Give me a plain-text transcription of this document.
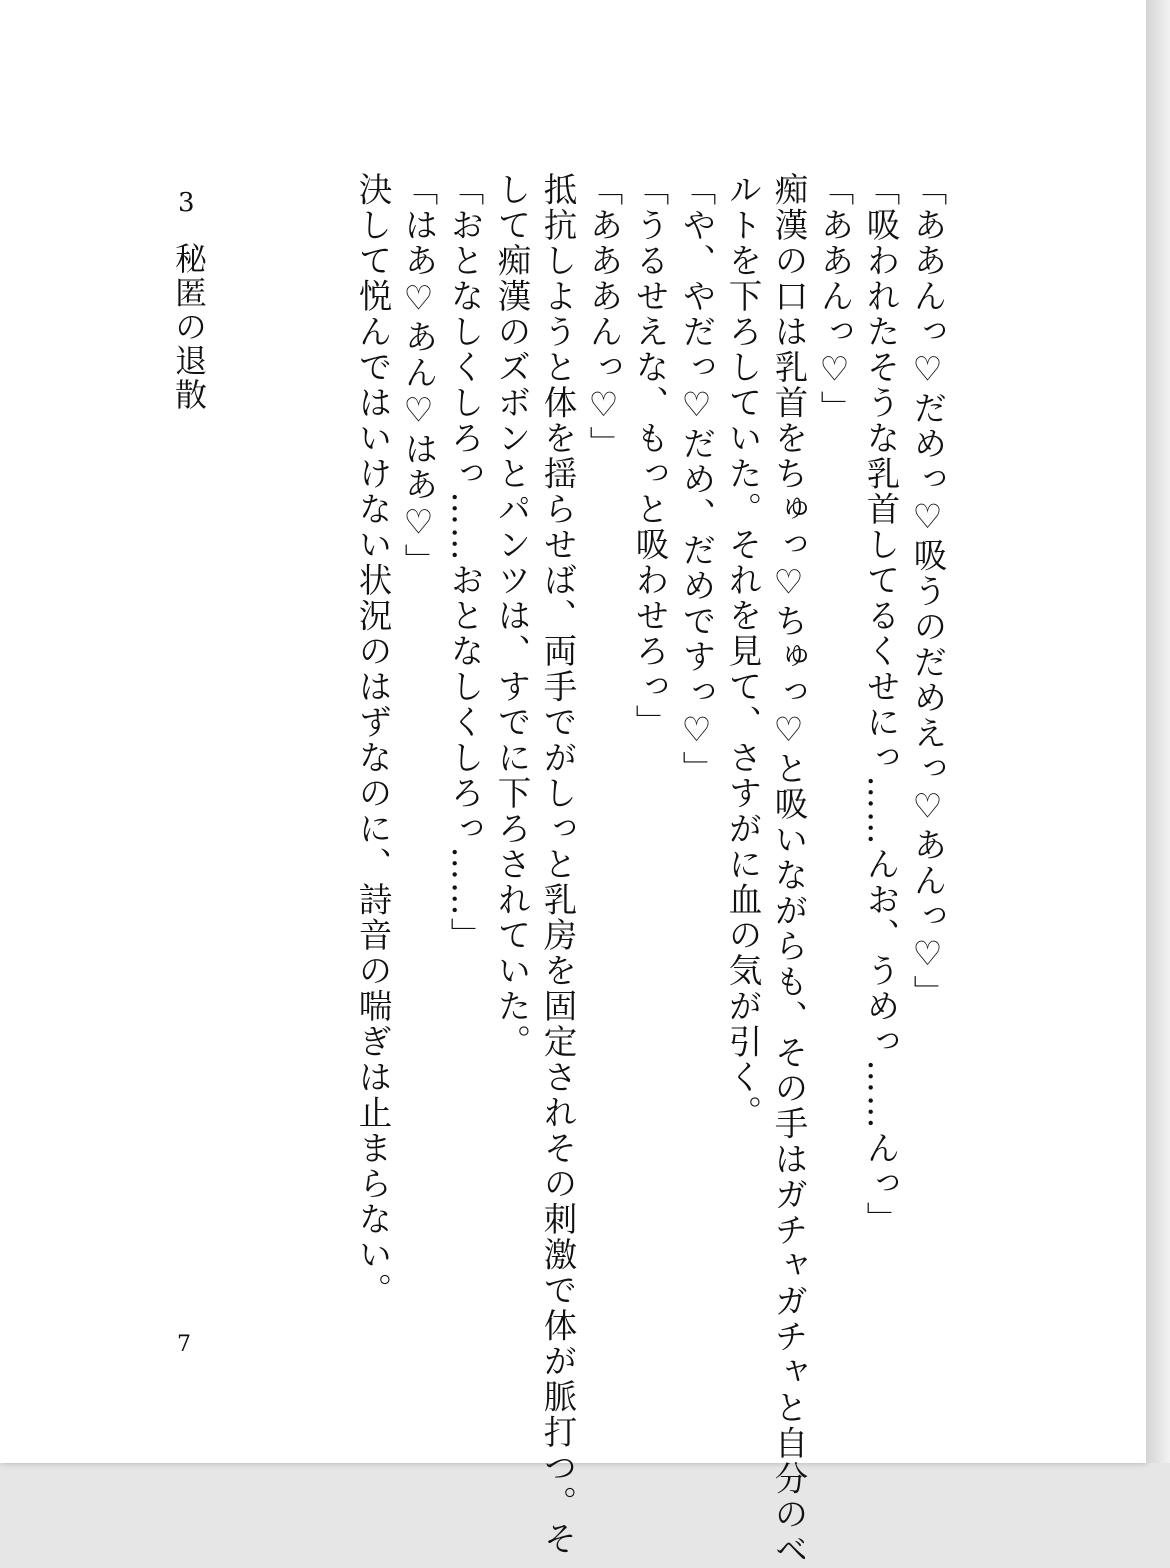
「ああんっ♡だめっ♡吸うのだめえっ♡あんっ♡」
「吸われたそうな乳首してるくせにっ……んお、うめっ……んっ」
「ああんっ♡」
痴漢の口は乳首をちゅっ♡ちゅっ♡と吸いながらも、その手はガチャガチャと自分のベ
ルトを下ろしていた。それを見て、さすがに血の気が引く。
「や、やだっ♡だめ、だめですっ♡」
「うるせえな、もっと吸わせろっ」
「あああんっ♡」
抵抗しようと体を揺らせば、両手でがしっと乳房を固定されその刺激で体が脈打つ。そ
して痴漢のズボンとパンツは、すでに下ろされていた。
「おとなしくしろっ……おとなしくしろっ……」
「はあ♡あん♡はあ♡」
決して悦んではいけない状況のはずなのに、詩音の喘ぎは止まらない。
3
秘匿の退散
7
